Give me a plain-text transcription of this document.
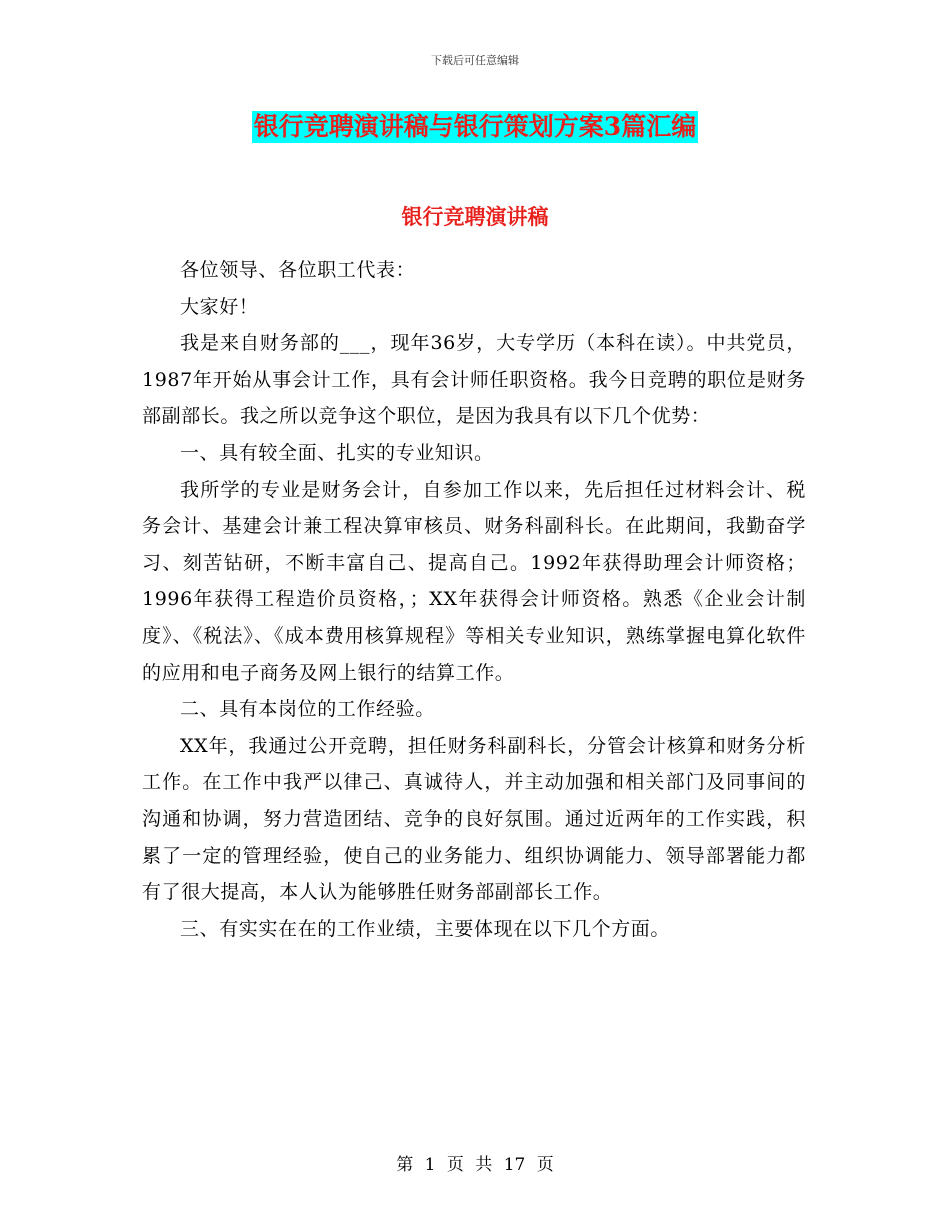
下载后可任意编辑
银行竞聘演讲稿与银行策划方案3篇汇编
银行竞聘演讲稿

各位领导、各位职工代表：

大家好！

我是来自财务部的___，现年36岁，大专学历（本科在读）。中共党员，1987年开始从事会计工作，具有会计师任职资格。我今日竞聘的职位是财务部副部长。我之所以竞争这个职位，是因为我具有以下几个优势：

一、具有较全面、扎实的专业知识。

我所学的专业是财务会计，自参加工作以来，先后担任过材料会计、税务会计、基建会计兼工程决算审核员、财务科副科长。在此期间，我勤奋学习、刻苦钻研，不断丰富自己、提高自己。1992年获得助理会计师资格；1996年获得工程造价员资格，；XX年获得会计师资格。熟悉《企业会计制度》、《税法》、《成本费用核算规程》等相关专业知识，熟练掌握电算化软件的应用和电子商务及网上银行的结算工作。

二、具有本岗位的工作经验。

XX年，我通过公开竞聘，担任财务科副科长，分管会计核算和财务分析工作。在工作中我严以律己、真诚待人，并主动加强和相关部门及同事间的沟通和协调，努力营造团结、竞争的良好氛围。通过近两年的工作实践，积累了一定的管理经验，使自己的业务能力、组织协调能力、领导部署能力都有了很大提高，本人认为能够胜任财务部副部长工作。

三、有实实在在的工作业绩，主要体现在以下几个方面。

第 1 页 共 17 页
